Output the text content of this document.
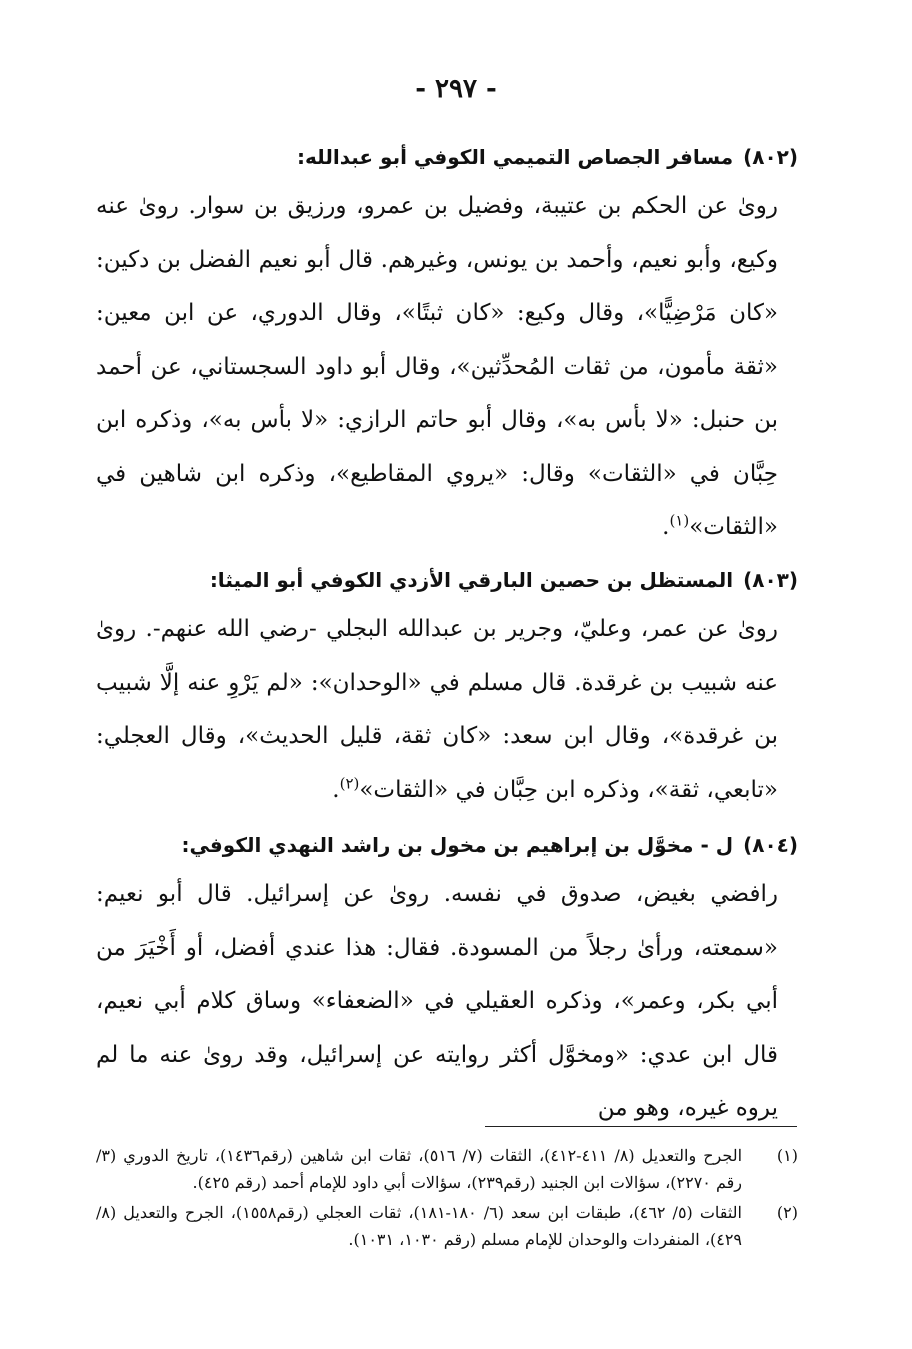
- ٢٩٧ -
(٨٠٢)مسافر الجصاص التميمي الكوفي أبو عبدالله:
روىٰ عن الحكم بن عتيبة، وفضيل بن عمرو، ورزيق بن سوار. روىٰ عنه وكيع، وأبو نعيم، وأحمد بن يونس، وغيرهم. قال أبو نعيم الفضل بن دكين: «كان مَرْضِيًّا»، وقال وكيع: «كان ثبتًا»، وقال الدوري، عن ابن معين: «ثقة مأمون، من ثقات المُحدِّثين»، وقال أبو داود السجستاني، عن أحمد بن حنبل: «لا بأس به»، وقال أبو حاتم الرازي: «لا بأس به»، وذكره ابن حِبَّان في «الثقات» وقال: «يروي المقاطيع»، وذكره ابن شاهين في «الثقات»$^{(١)}$.
(٨٠٣)المستظل بن حصين البارقي الأزدي الكوفي أبو الميثا:
روىٰ عن عمر، وعليّ، وجرير بن عبدالله البجلي -رضي الله عنهم-. روىٰ عنه شبيب بن غرقدة. قال مسلم في «الوحدان»: «لم يَرْوِ عنه إلَّا شبيب بن غرقدة»، وقال ابن سعد: «كان ثقة، قليل الحديث»، وقال العجلي: «تابعي، ثقة»، وذكره ابن حِبَّان في «الثقات»$^{(٢)}$.
(٨٠٤)ل - مخوَّل بن إبراهيم بن مخول بن راشد النهدي الكوفي:
رافضي بغيض، صدوق في نفسه. روىٰ عن إسرائيل. قال أبو نعيم: «سمعته، ورأىٰ رجلاً من المسودة. فقال: هذا عندي أفضل، أو أَخْيَرَ من أبي بكر، وعمر»، وذكره العقيلي في «الضعفاء» وساق كلام أبي نعيم، قال ابن عدي: «ومخوَّل أكثر روايته عن إسرائيل، وقد روىٰ عنه ما لم يروه غيره، وهو من
(١)
الجرح والتعديل (٨/ ٤١١-٤١٢)، الثقات (٧/ ٥١٦)، ثقات ابن شاهين (رقم١٤٣٦)، تاريخ الدوري (٣/رقم ٢٢٧٠)، سؤالات ابن الجنيد (رقم٢٣٩)، سؤالات أبي داود للإمام أحمد (رقم ٤٢٥).
(٢)
الثقات (٥/ ٤٦٢)، طبقات ابن سعد (٦/ ١٨٠-١٨١)، ثقات العجلي (رقم١٥٥٨)، الجرح والتعديل (٨/ ٤٢٩)، المنفردات والوحدان للإمام مسلم (رقم ١٠٣٠، ١٠٣١).
